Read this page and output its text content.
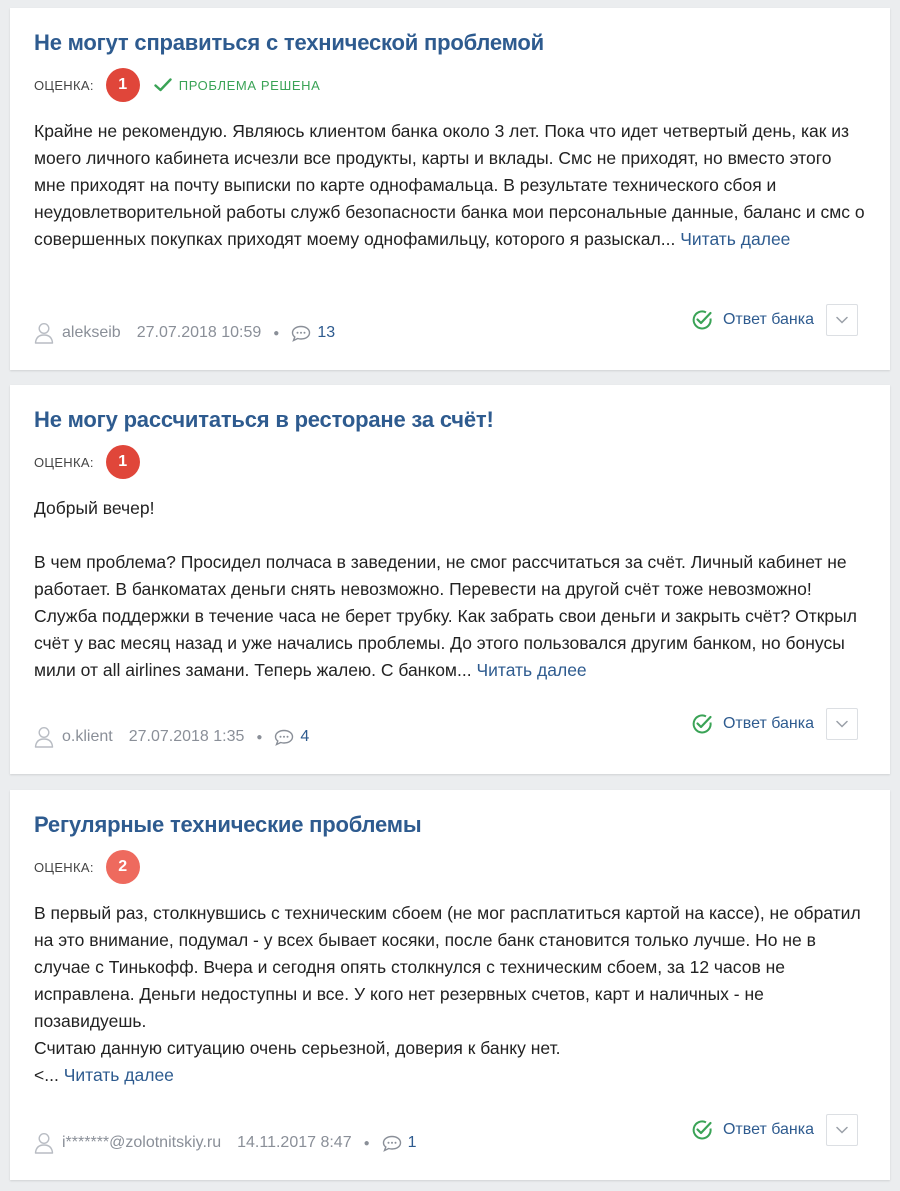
Не могут справиться с технической проблемой
ОЦЕНКА:	1	ПРОБЛЕМА РЕШЕНА

Крайне не рекомендую. Являюсь клиентом банка около 3 лет. Пока что идет четвертый день, как из моего личного кабинета исчезли все продукты, карты и вклады. Смс не приходят, но вместо этого мне приходят на почту выписки по карте однофамальца. В результате технического сбоя и неудовлетворительной работы служб безопасности банка мои персональные данные, баланс и смс о совершенных покупках приходят моему однофамильцу, которого я разыскал... Читать далее

alekseib 27.07.2018 10:59 ● 13
Ответ банка
Не могу рассчитаться в ресторане за счёт!
ОЦЕНКА:	1

Добрый вечер!

В чем проблема? Просидел полчаса в заведении, не смог рассчитаться за счёт. Личный кабинет не работает. В банкоматах деньги снять невозможно. Перевести на другой счёт тоже невозможно! Служба поддержки в течение часа не берет трубку. Как забрать свои деньги и закрыть счёт? Открыл счёт у вас месяц назад и уже начались проблемы. До этого пользовался другим банком, но бонусы мили от all airlines замани. Теперь жалею. С банком... Читать далее

o.klient 27.07.2018 1:35 ● 4
Ответ банка
Регулярные технические проблемы
ОЦЕНКА:	2
В первый раз, столкнувшись с техническим сбоем (не мог расплатиться картой на кассе), не обратил на это внимание, подумал - у всех бывает косяки, после банк становится только лучше. Но не в случае с Тинькофф. Вчера и сегодня опять столкнулся с техническим сбоем, за 12 часов не исправлена. Деньги недоступны и все. У кого нет резервных счетов, карт и наличных - не позавидуешь.
Считаю данную ситуацию очень серьезной, доверия к банку нет.
<... Читать далее
i*******@zolotnitskiy.ru 14.11.2017 8:47 ● 1
Ответ банка
